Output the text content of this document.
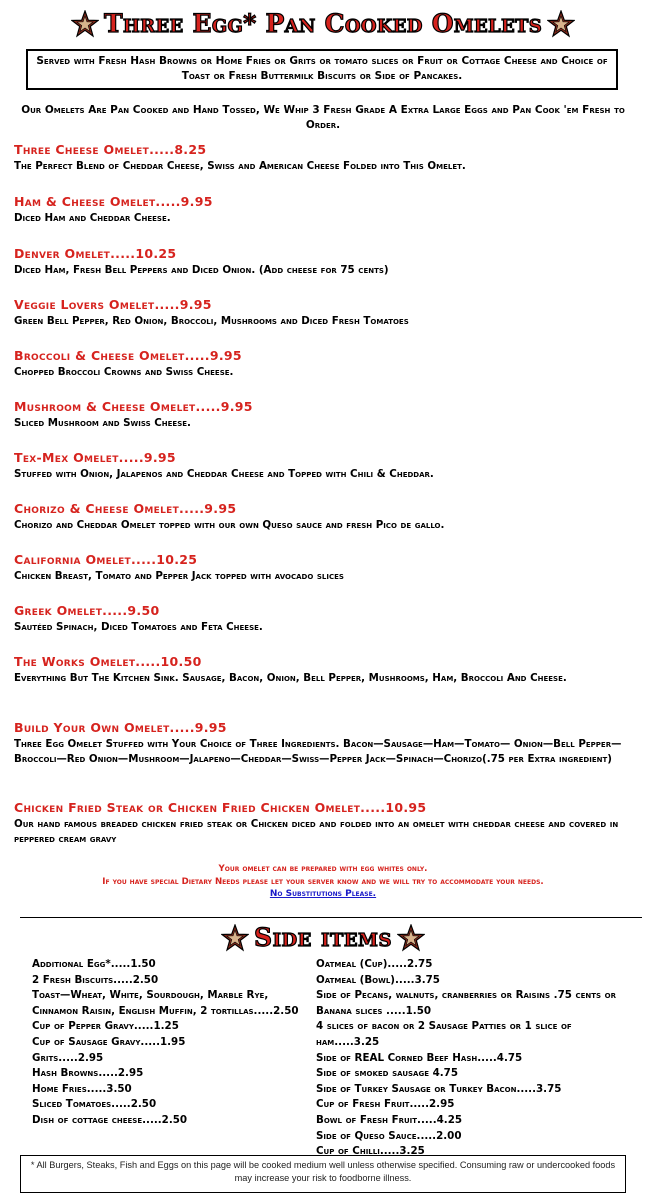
Three Egg* Pan Cooked Omelets
Served with Fresh Hash Browns or Home Fries or Grits or tomato slices or Fruit or Cottage Cheese and Choice of Toast or Fresh Buttermilk Biscuits or Side of Pancakes.
Our Omelets Are Pan Cooked and Hand Tossed, We Whip 3 Fresh Grade A Extra Large Eggs and Pan Cook 'em Fresh to Order.
Three Cheese Omelet.....8.25
The Perfect Blend of Cheddar Cheese, Swiss and American Cheese Folded into This Omelet.
Ham & Cheese Omelet.....9.95
Diced Ham and Cheddar Cheese.
Denver Omelet.....10.25
Diced Ham, Fresh Bell Peppers and Diced Onion. (Add cheese for 75 cents)
Veggie Lovers Omelet.....9.95
Green Bell Pepper, Red Onion, Broccoli, Mushrooms and Diced Fresh Tomatoes
Broccoli & Cheese Omelet.....9.95
Chopped Broccoli Crowns and Swiss Cheese.
Mushroom & Cheese Omelet.....9.95
Sliced Mushroom and Swiss Cheese.
Tex-Mex Omelet.....9.95
Stuffed with Onion, Jalapenos and Cheddar Cheese and Topped with Chili & Cheddar.
Chorizo & Cheese Omelet.....9.95
Chorizo and Cheddar Omelet topped with our own Queso sauce and fresh Pico de gallo.
California Omelet.....10.25
Chicken Breast, Tomato and Pepper Jack topped with avocado slices
Greek Omelet.....9.50
Sautéed Spinach, Diced Tomatoes and Feta Cheese.
The Works Omelet.....10.50
Everything But The Kitchen Sink. Sausage, Bacon, Onion, Bell Pepper, Mushrooms, Ham, Broccoli And Cheese.
Build Your Own Omelet.....9.95
Three Egg Omelet Stuffed with Your Choice of Three Ingredients. Bacon—Sausage—Ham—Tomato— Onion—Bell Pepper—Broccoli—Red Onion—Mushroom—Jalapeno—Cheddar—Swiss—Pepper Jack—Spinach—Chorizo(.75 per Extra ingredient)
Chicken Fried Steak or Chicken Fried Chicken Omelet.....10.95
Our hand famous breaded chicken fried steak or Chicken diced and folded into an omelet with cheddar cheese and covered in peppered cream gravy
Your omelet can be prepared with egg whites only.
If you have special Dietary Needs please let your server know and we will try to accommodate your needs.
No Substitutions Please.
Side items
Additional Egg*.....1.50
2 Fresh Biscuits.....2.50
Toast—Wheat, White, Sourdough, Marble Rye, Cinnamon Raisin, English Muffin, 2 tortillas.....2.50
Cup of Pepper Gravy.....1.25
Cup of Sausage Gravy.....1.95
Grits.....2.95
Hash Browns.....2.95
Home Fries.....3.50
Sliced Tomatoes.....2.50
Dish of cottage cheese.....2.50
Oatmeal (Cup).....2.75
Oatmeal (Bowl).....3.75
Side of Pecans, walnuts, cranberries or Raisins .75 cents or Banana slices .....1.50
4 slices of bacon or 2 Sausage Patties or 1 slice of ham.....3.25
Side of REAL Corned Beef Hash.....4.75
Side of smoked sausage 4.75
Side of Turkey Sausage or Turkey Bacon.....3.75
Cup of Fresh Fruit.....2.95
Bowl of Fresh Fruit.....4.25
Side of Queso Sauce.....2.00
Cup of Chilli.....3.25
* All Burgers, Steaks, Fish and Eggs on this page will be cooked medium well unless otherwise specified. Consuming raw or undercooked foods may increase your risk to foodborne illness.
